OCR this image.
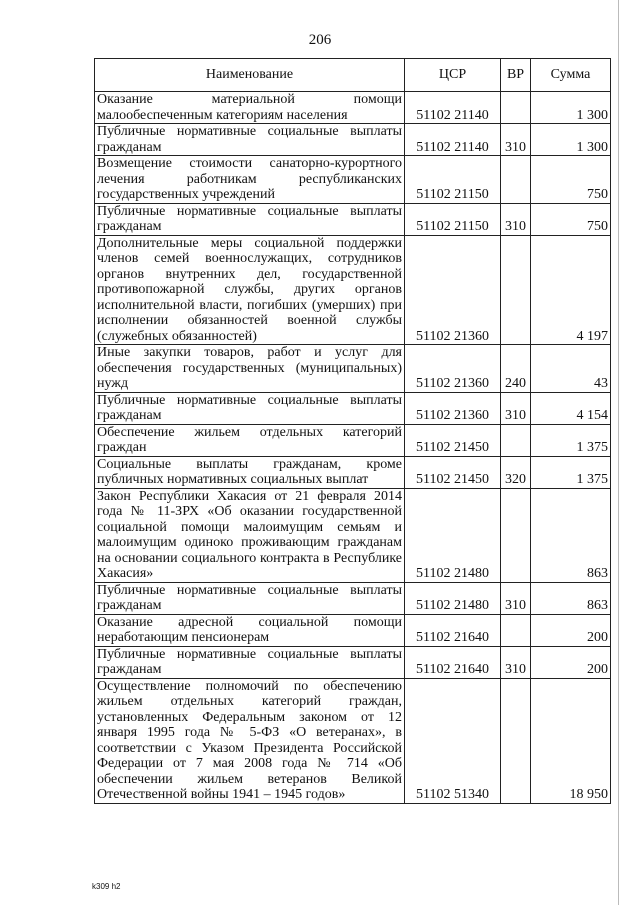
206
Наименование	ЦСР	ВР	Сумма
Оказание материальной помощи малообеспеченным категориям населения	51102 21140		1 300
Публичные нормативные социальные выплаты гражданам	51102 21140	310	1 300
Возмещение стоимости санаторно-курортного лечения работникам республиканских государственных учреждений	51102 21150		750
Публичные нормативные социальные выплаты гражданам	51102 21150	310	750
Дополнительные меры социальной поддержки членов семей военнослужащих, сотрудников органов внутренних дел, государственной противопожарной службы, других органов исполнительной власти, погибших (умерших) при исполнении обязанностей военной службы (служебных обязанностей)	51102 21360		4 197
Иные закупки товаров, работ и услуг для обеспечения государственных (муниципальных) нужд	51102 21360	240	43
Публичные нормативные социальные выплаты гражданам	51102 21360	310	4 154
Обеспечение жильем отдельных категорий граждан	51102 21450		1 375
Социальные выплаты гражданам, кроме публичных нормативных социальных выплат	51102 21450	320	1 375
Закон Республики Хакасия от 21 февраля 2014 года № 11-ЗРХ «Об оказании государственной социальной помощи малоимущим семьям и малоимущим одиноко проживающим гражданам на основании социального контракта в Республике Хакасия»	51102 21480		863
Публичные нормативные социальные выплаты гражданам	51102 21480	310	863
Оказание адресной социальной помощи неработающим пенсионерам	51102 21640		200
Публичные нормативные социальные выплаты гражданам	51102 21640	310	200
Осуществление полномочий по обеспечению жильем отдельных категорий граждан, установленных Федеральным законом от 12 января 1995 года № 5-ФЗ «О ветеранах», в соответствии с Указом Президента Российской Федерации от 7 мая 2008 года № 714 «Об обеспечении жильем ветеранов Великой Отечественной войны 1941 – 1945 годов»	51102 51340		18 950
k309 h2
